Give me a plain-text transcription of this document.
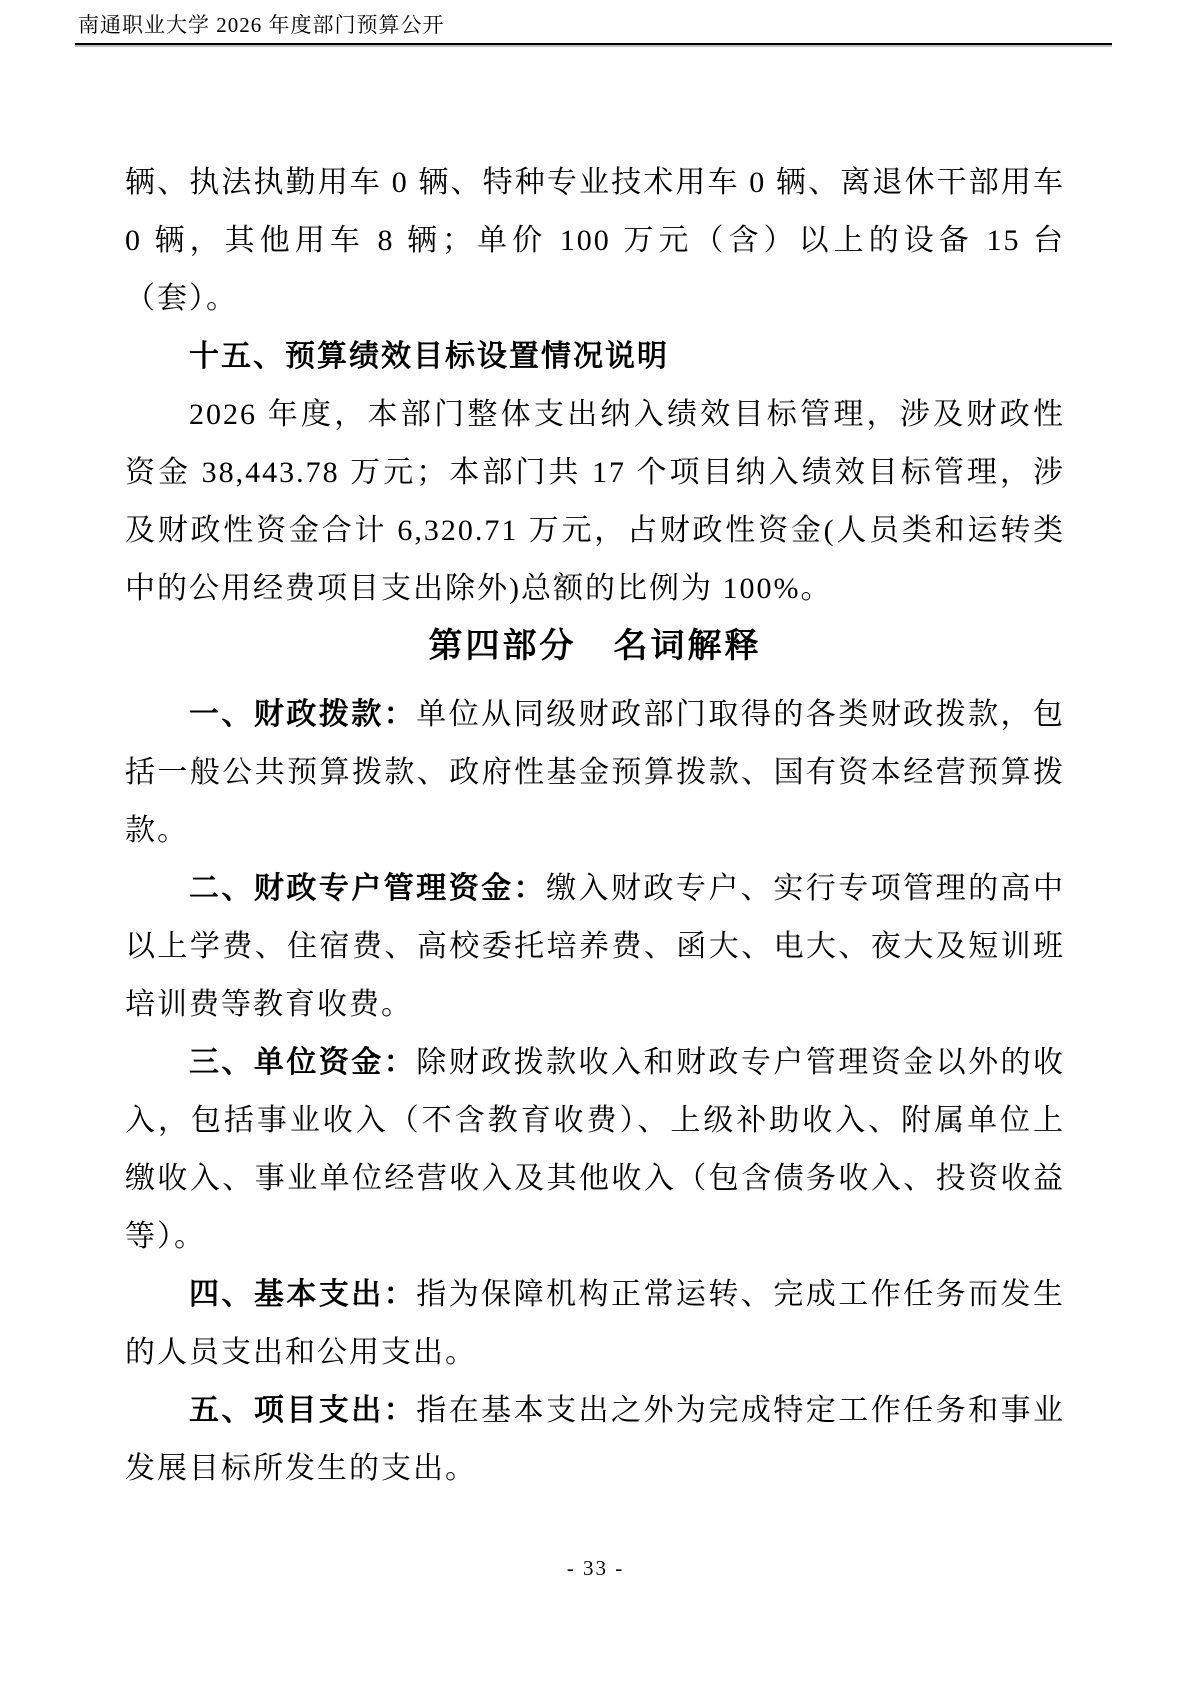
南通职业大学 2026 年度部门预算公开

辆、执法执勤用车 0 辆、特种专业技术用车 0 辆、离退休干部用车 0 辆，其他用车 8 辆；单价 100 万元（含）以上的设备 15 台（套）。

十五、预算绩效目标设置情况说明

2026 年度，本部门整体支出纳入绩效目标管理，涉及财政性资金 38,443.78 万元；本部门共 17 个项目纳入绩效目标管理，涉及财政性资金合计 6,320.71 万元，占财政性资金(人员类和运转类中的公用经费项目支出除外)总额的比例为 100%。

第四部分　名词解释

一、财政拨款：单位从同级财政部门取得的各类财政拨款，包括一般公共预算拨款、政府性基金预算拨款、国有资本经营预算拨款。

二、财政专户管理资金：缴入财政专户、实行专项管理的高中以上学费、住宿费、高校委托培养费、函大、电大、夜大及短训班培训费等教育收费。

三、单位资金：除财政拨款收入和财政专户管理资金以外的收入，包括事业收入（不含教育收费）、上级补助收入、附属单位上缴收入、事业单位经营收入及其他收入（包含债务收入、投资收益等）。

四、基本支出：指为保障机构正常运转、完成工作任务而发生的人员支出和公用支出。

五、项目支出：指在基本支出之外为完成特定工作任务和事业发展目标所发生的支出。

- 33 -
